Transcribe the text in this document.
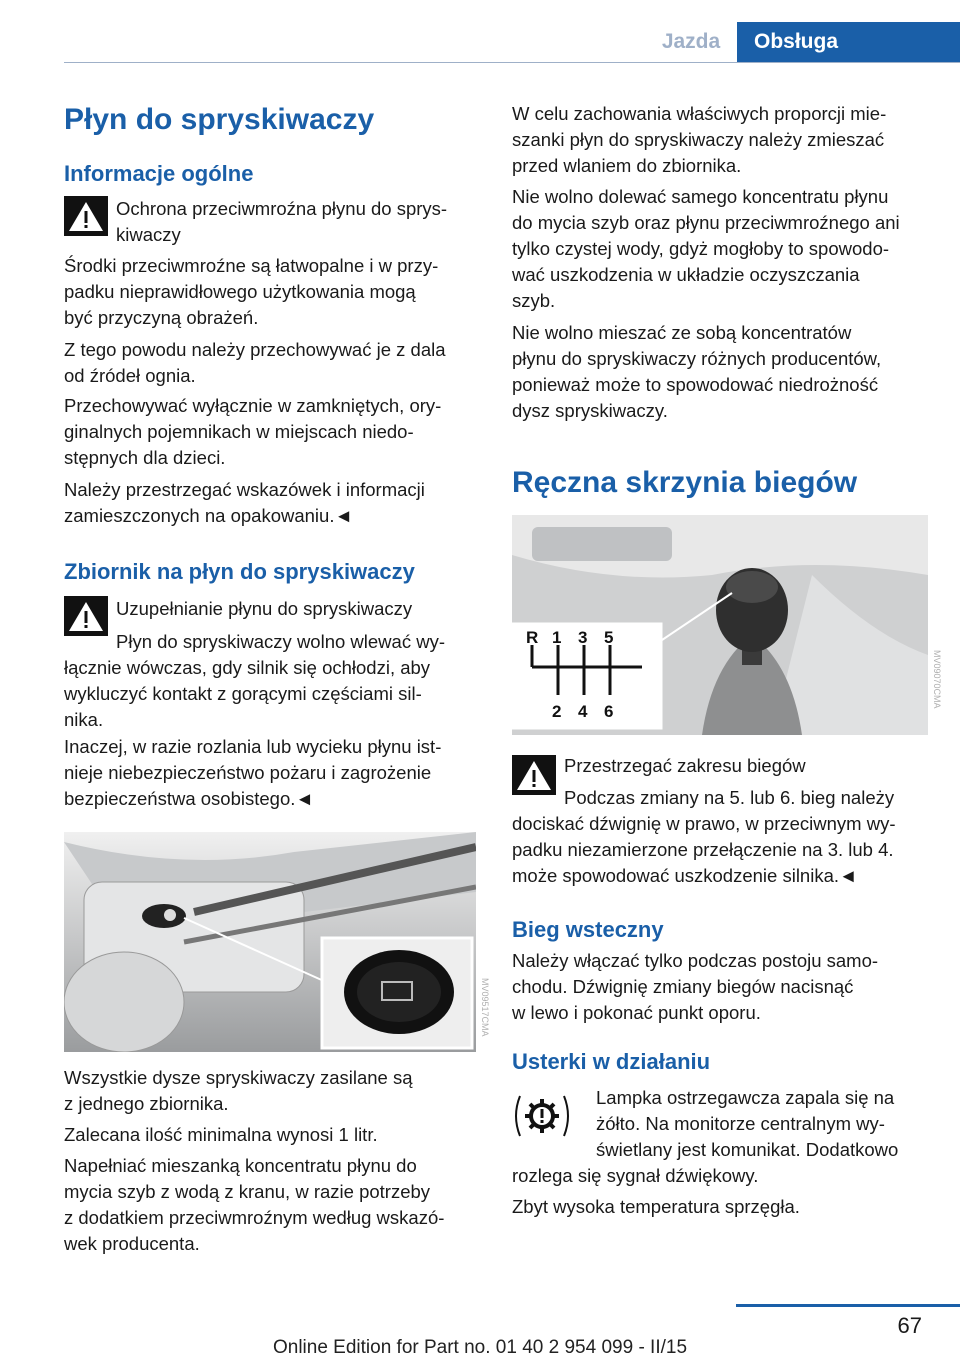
Jazda	Obsługa
Płyn do spryskiwaczy
Informacje ogólne

Ochrona przeciwmroźna płynu do sprys-
kiwaczy

Środki przeciwmroźne są łatwopalne i w przy-
padku nieprawidłowego użytkowania mogą
być przyczyną obrażeń.

Z tego powodu należy przechowywać je z dala
od źródeł ognia.

Przechowywać wyłącznie w zamkniętych, ory-
ginalnych pojemnikach w miejscach niedo-
stępnych dla dzieci.

Należy przestrzegać wskazówek i informacji
zamieszczonych na opakowaniu.◄

Zbiornik na płyn do spryskiwaczy

Uzupełnianie płynu do spryskiwaczy

Płyn do spryskiwaczy wolno wlewać wy-

łącznie wówczas, gdy silnik się ochłodzi, aby
wykluczyć kontakt z gorącymi częściami sil-
nika.

Inaczej, w razie rozlania lub wycieku płynu ist-
nieje niebezpieczeństwo pożaru i zagrożenie
bezpieczeństwa osobistego.◄

MV09517CMA

Wszystkie dysze spryskiwaczy zasilane są
z jednego zbiornika.

Zalecana ilość minimalna wynosi 1 litr.

Napełniać mieszanką koncentratu płynu do
mycia szyb z wodą z kranu, w razie potrzeby
z dodatkiem przeciwmroźnym według wskazó-
wek producenta.

W celu zachowania właściwych proporcji mie-
szanki płyn do spryskiwaczy należy zmieszać
przed wlaniem do zbiornika.

Nie wolno dolewać samego koncentratu płynu
do mycia szyb oraz płynu przeciwmroźnego ani
tylko czystej wody, gdyż mogłoby to spowodo-
wać uszkodzenia w układzie oczyszczania
szyb.

Nie wolno mieszać ze sobą koncentratów
płynu do spryskiwaczy różnych producentów,
ponieważ może to spowodować niedrożność
dysz spryskiwaczy.

Ręczna skrzynia biegów
R 1 3 5
2 4 6
MV09070CMA

Przestrzegać zakresu biegów

Podczas zmiany na 5. lub 6. bieg należy

dociskać dźwignię w prawo, w przeciwnym wy-
padku niezamierzone przełączenie na 3. lub 4.
może spowodować uszkodzenie silnika.◄

Bieg wsteczny

Należy włączać tylko podczas postoju samo-
chodu. Dźwignię zmiany biegów nacisnąć
w lewo i pokonać punkt oporu.

Usterki w działaniu

Lampka ostrzegawcza zapala się na
żółto. Na monitorze centralnym wy-
świetlany jest komunikat. Dodatkowo

rozlega się sygnał dźwiękowy.

Zbyt wysoka temperatura sprzęgła.

67
Online Edition for Part no. 01 40 2 954 099 - II/15
